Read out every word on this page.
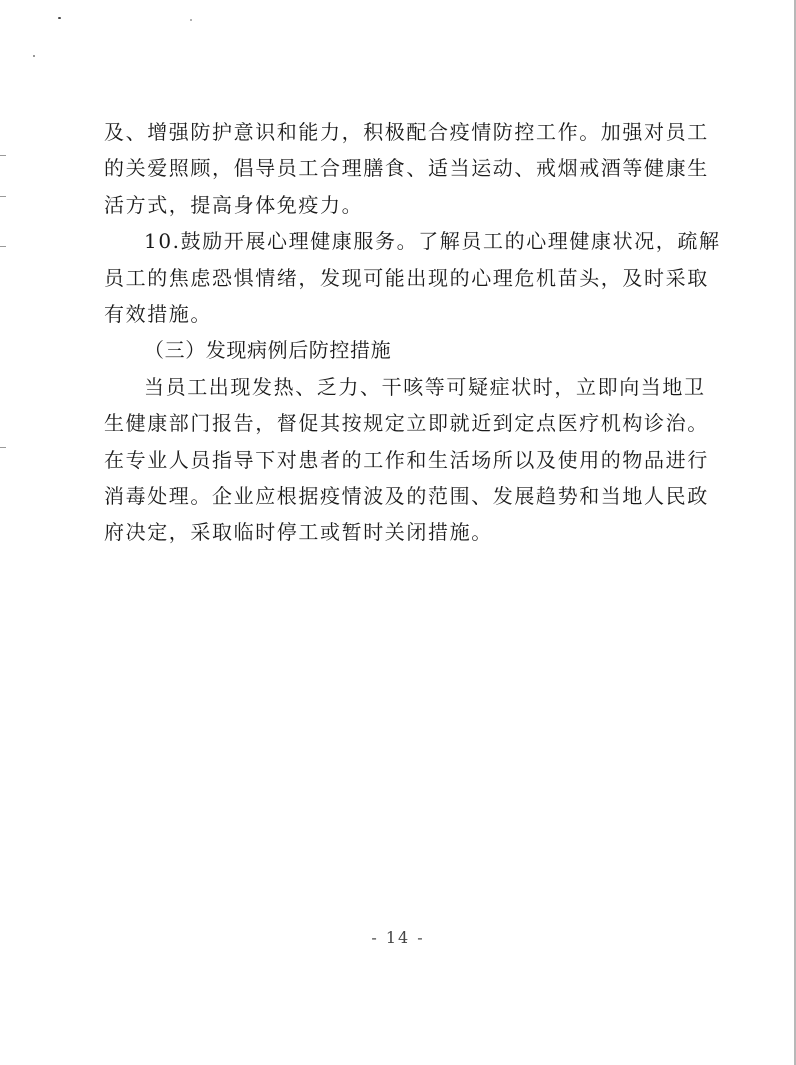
及、增强防护意识和能力，积极配合疫情防控工作。加强对员工
的关爱照顾，倡导员工合理膳食、适当运动、戒烟戒酒等健康生
活方式，提高身体免疫力。
10.鼓励开展心理健康服务。了解员工的心理健康状况，疏解
员工的焦虑恐惧情绪，发现可能出现的心理危机苗头，及时采取
有效措施。
（三）发现病例后防控措施
当员工出现发热、乏力、干咳等可疑症状时，立即向当地卫
生健康部门报告，督促其按规定立即就近到定点医疗机构诊治。
在专业人员指导下对患者的工作和生活场所以及使用的物品进行
消毒处理。企业应根据疫情波及的范围、发展趋势和当地人民政
府决定，采取临时停工或暂时关闭措施。
- 14 -
